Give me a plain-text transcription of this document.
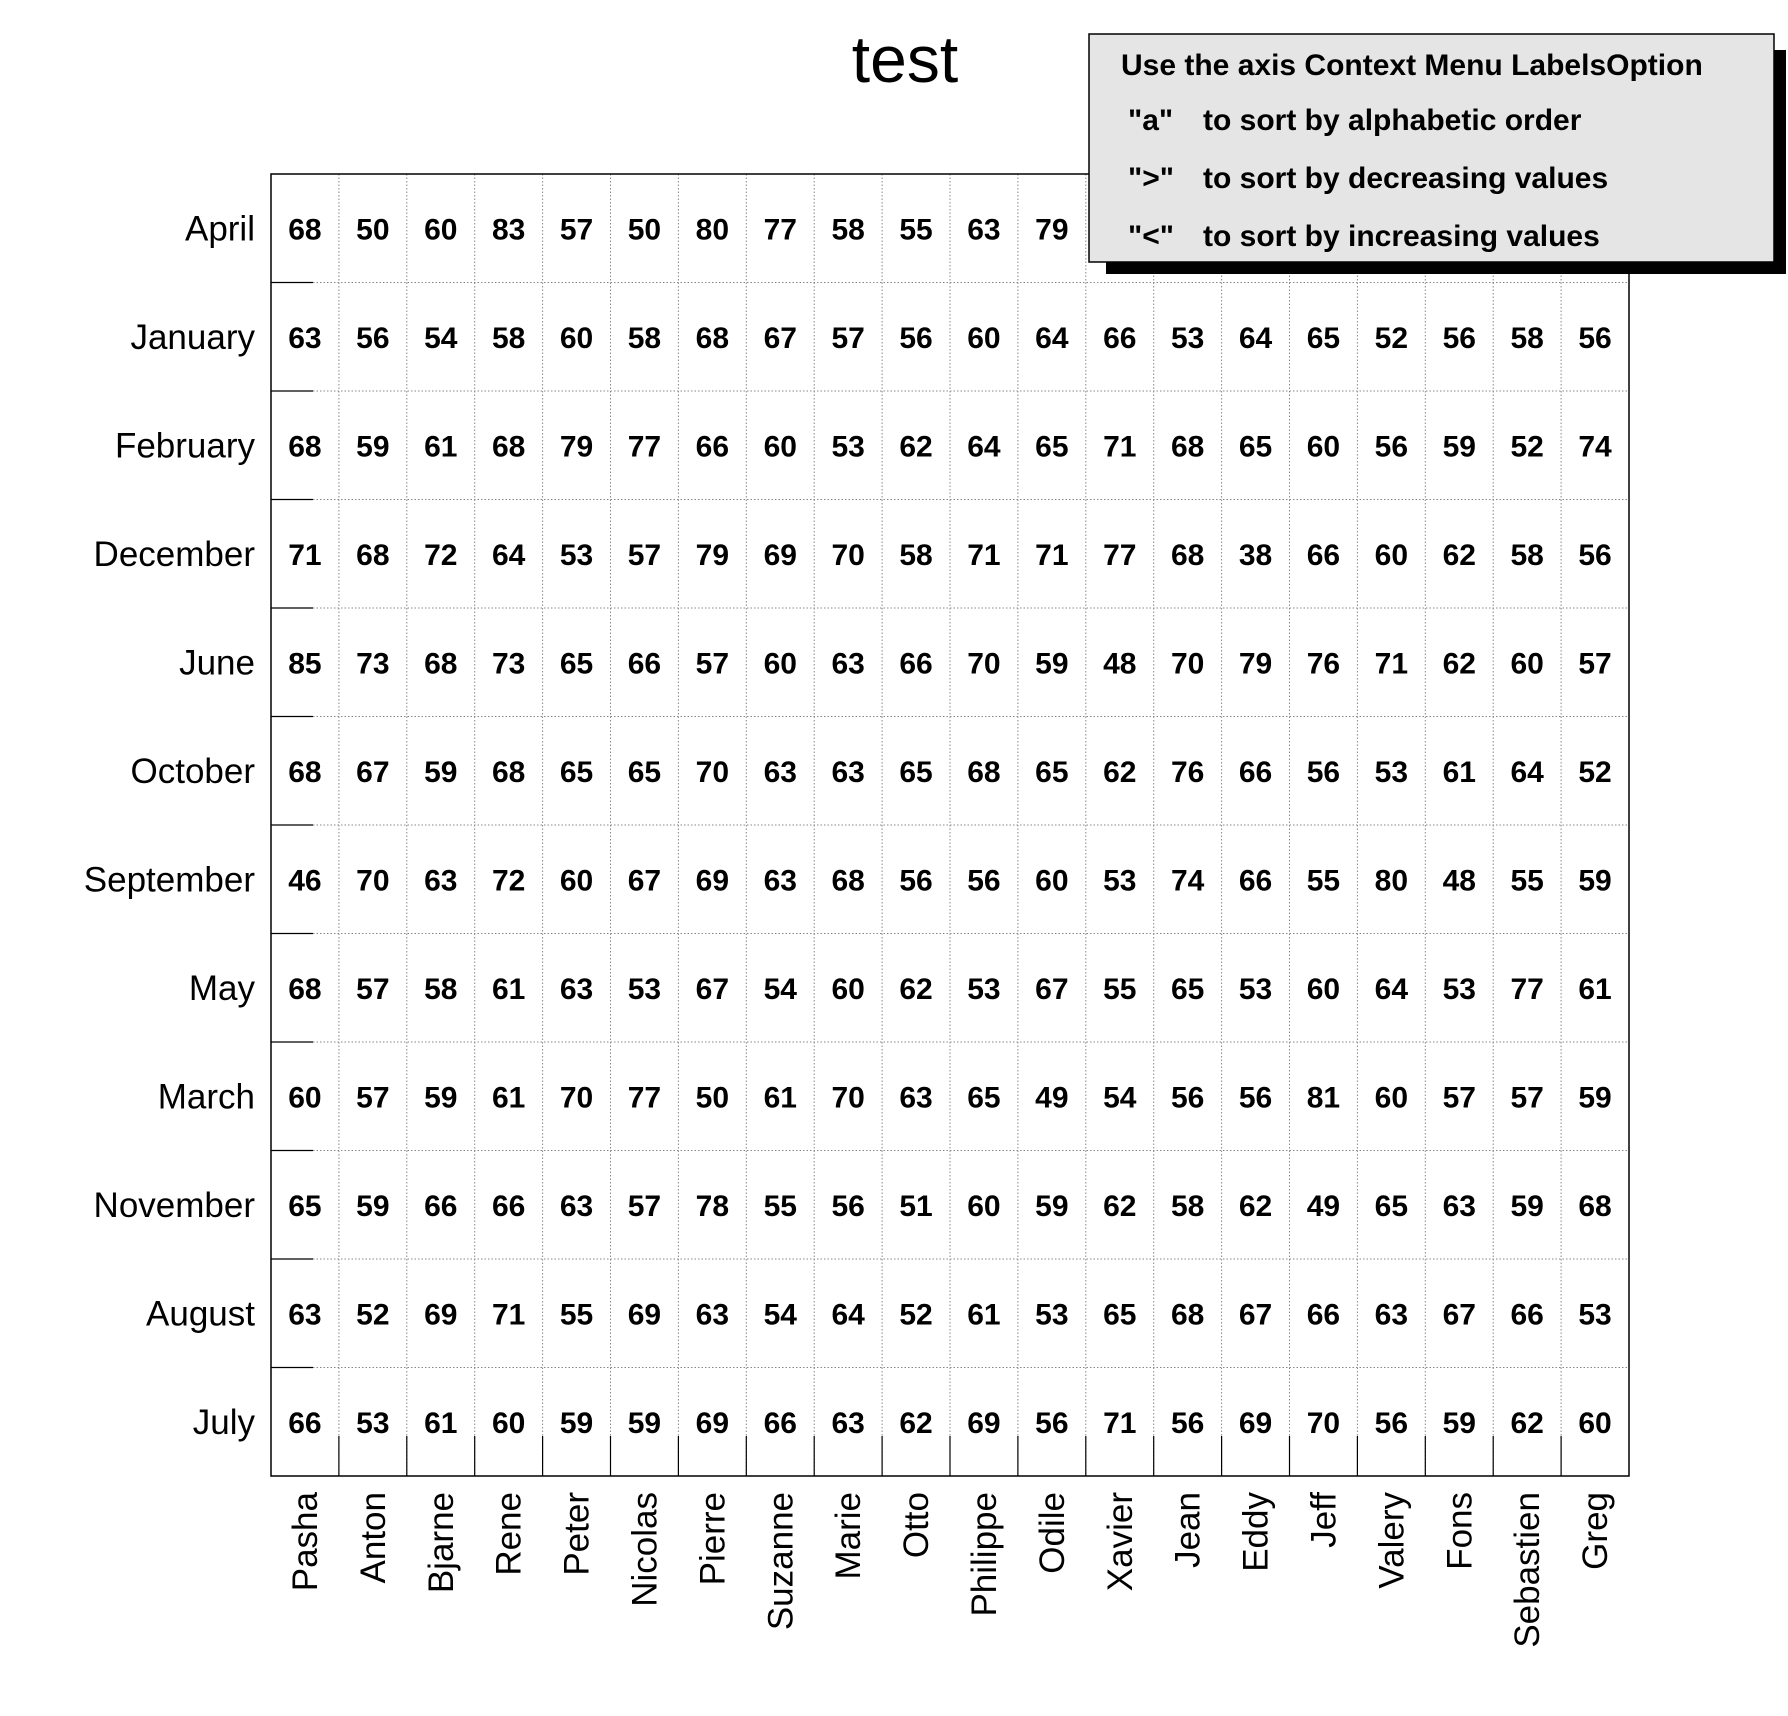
test
68 50 60 83 57 50 80 77 58 55 63 79
63 56 54 58 60 58 68 67 57 56 60 64 66 53 64 65 52 56 58 56
68 59 61 68 79 77 66 60 53 62 64 65 71 68 65 60 56 59 52 74
71 68 72 64 53 57 79 69 70 58 71 71 77 68 38 66 60 62 58 56
85 73 68 73 65 66 57 60 63 66 70 59 48 70 79 76 71 62 60 57
68 67 59 68 65 65 70 63 63 65 68 65 62 76 66 56 53 61 64 52
46 70 63 72 60 67 69 63 68 56 56 60 53 74 66 55 80 48 55 59
68 57 58 61 63 53 67 54 60 62 53 67 55 65 53 60 64 53 77 61
60 57 59 61 70 77 50 61 70 63 65 49 54 56 56 81 60 57 57 59
65 59 66 66 63 57 78 55 56 51 60 59 62 58 62 49 65 63 59 68
63 52 69 71 55 69 63 54 64 52 61 53 65 68 67 66 63 67 66 53
66 53 61 60 59 59 69 66 63 62 69 56 71 56 69 70 56 59 62 60
April
January
February
December
June
October
September
May
March
November
August
July
Pasha Anton Bjarne Rene Peter Nicolas Pierre Suzanne Marie Otto Philippe Odile Xavier Jean Eddy Jeff Valery Fons Sebastien Greg
Use the axis Context Menu LabelsOption
"a" to sort by alphabetic order
">" to sort by decreasing values
"<" to sort by increasing values
